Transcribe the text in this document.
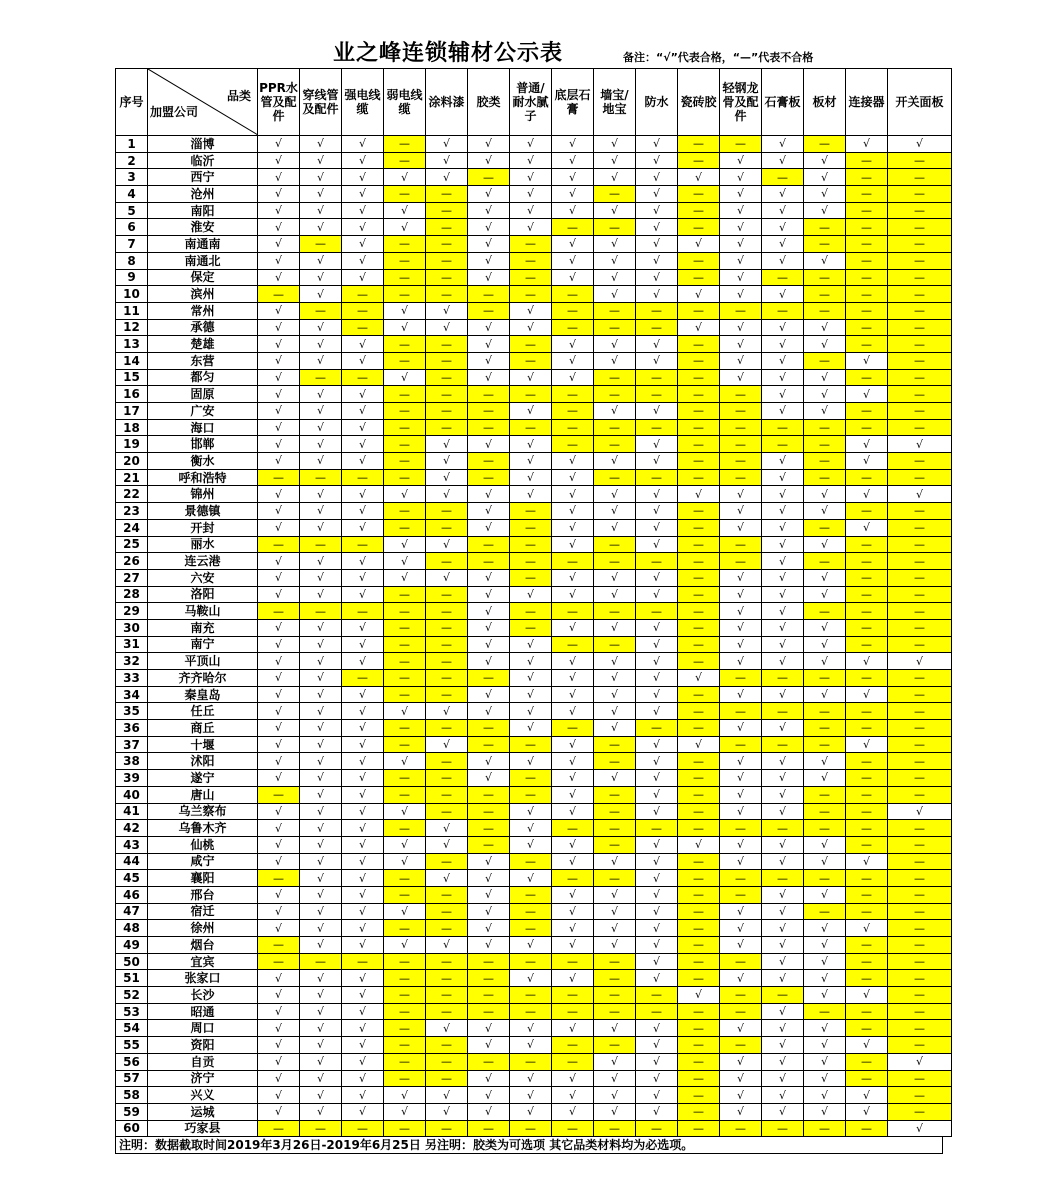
业之峰连锁辅材公示表	备注：“√”代表合格，“—”代表不合格
序号	品类
加盟公司	PPR水管及配件	穿线管及配件	强电线缆	弱电线缆	涂料漆	胶类	普通/耐水腻子	底层石膏	墙宝/地宝	防水	瓷砖胶	轻钢龙骨及配件	石膏板	板材	连接器	开关面板
1	淄博	√	√	√	—	√	√	√	√	√	√	—	—	√	—	√	√
2	临沂	√	√	√	—	√	√	√	√	√	√	—	√	√	√	—	—
3	西宁	√	√	√	√	√	—	√	√	√	√	√	√	—	√	—	—
4	沧州	√	√	√	—	—	√	√	√	—	√	—	√	√	√	—	—
5	南阳	√	√	√	√	—	√	√	√	√	√	—	√	√	√	—	—
6	淮安	√	√	√	√	—	√	√	—	—	√	—	√	√	—	—	—
7	南通南	√	—	√	—	—	√	—	√	√	√	√	√	√	—	—	—
8	南通北	√	√	√	—	—	√	—	√	√	√	—	√	√	√	—	—
9	保定	√	√	√	—	—	√	—	√	√	√	—	√	—	—	—	—
10	滨州	—	√	—	—	—	—	—	—	√	√	√	√	√	—	—	—
11	常州	√	—	—	√	√	—	√	—	—	—	—	—	—	—	—	—
12	承德	√	√	—	√	√	√	√	—	—	—	√	√	√	√	—	—
13	楚雄	√	√	√	—	—	√	—	√	√	√	—	√	√	√	—	—
14	东营	√	√	√	—	—	√	—	√	√	√	—	√	√	—	√	—
15	都匀	√	—	—	√	—	√	√	√	—	—	—	√	√	√	—	—
16	固原	√	√	√	—	—	—	—	—	—	—	—	—	√	√	√	—
17	广安	√	√	√	—	—	—	√	—	√	√	—	—	√	√	—	—
18	海口	√	√	√	—	—	—	—	—	—	—	—	—	—	—	—	—
19	邯郸	√	√	√	—	√	√	√	—	—	√	—	—	—	—	√	√
20	衡水	√	√	√	—	√	—	√	√	√	√	—	—	√	—	√	—
21	呼和浩特	—	—	—	—	√	—	√	√	—	—	—	—	√	—	—	—
22	锦州	√	√	√	√	√	√	√	√	√	√	√	√	√	√	√	√
23	景德镇	√	√	√	—	—	√	—	√	√	√	—	√	√	√	—	—
24	开封	√	√	√	—	—	√	—	√	√	√	—	√	√	—	√	—
25	丽水	—	—	—	√	√	—	—	√	—	√	—	—	√	√	—	—
26	连云港	√	√	√	√	—	—	—	—	—	—	—	—	√	—	—	—
27	六安	√	√	√	√	√	√	—	√	√	√	—	√	√	√	—	—
28	洛阳	√	√	√	—	—	√	√	√	√	√	—	√	√	√	—	—
29	马鞍山	—	—	—	—	—	√	—	—	—	—	—	√	√	—	—	—
30	南充	√	√	√	—	—	√	—	√	√	√	—	√	√	√	—	—
31	南宁	√	√	√	—	—	√	√	—	—	√	—	√	√	√	—	—
32	平顶山	√	√	√	—	—	√	√	√	√	√	—	√	√	√	√	√
33	齐齐哈尔	√	√	—	—	—	—	√	√	√	√	√	—	—	—	—	—
34	秦皇岛	√	√	√	—	—	√	√	√	√	√	—	√	√	√	√	—
35	任丘	√	√	√	√	√	√	√	√	√	√	—	—	—	—	—	—
36	商丘	√	√	√	—	—	—	√	—	√	—	—	√	√	—	—	—
37	十堰	√	√	√	—	√	—	—	√	—	√	√	—	—	—	√	—
38	沭阳	√	√	√	√	—	√	√	√	—	√	—	√	√	√	—	—
39	遂宁	√	√	√	—	—	√	—	√	√	√	—	√	√	√	—	—
40	唐山	—	√	√	—	—	—	—	√	—	√	—	√	√	—	—	—
41	乌兰察布	√	√	√	√	—	—	√	√	—	√	—	√	√	—	—	√
42	乌鲁木齐	√	√	√	—	√	—	√	—	—	—	—	—	—	—	—	—
43	仙桃	√	√	√	√	√	—	√	√	—	√	√	√	√	√	—	—
44	咸宁	√	√	√	√	—	√	—	√	√	√	—	√	√	√	√	—
45	襄阳	—	√	√	—	√	√	√	—	—	√	—	—	—	—	—	—
46	邢台	√	√	√	—	—	√	—	√	√	√	—	—	√	√	—	—
47	宿迁	√	√	√	√	—	√	—	√	√	√	—	√	√	—	—	—
48	徐州	√	√	√	—	—	√	—	√	√	√	—	√	√	√	√	—
49	烟台	—	√	√	√	√	√	√	√	√	√	—	√	√	√	—	—
50	宜宾	—	—	—	—	—	—	—	—	—	√	—	—	√	√	—	—
51	张家口	√	√	√	—	—	—	√	√	—	√	—	√	√	√	—	—
52	长沙	√	√	√	—	—	—	—	—	—	—	√	—	—	√	√	—
53	昭通	√	√	√	—	—	—	—	—	—	—	—	—	√	—	—	—
54	周口	√	√	√	—	√	√	√	√	√	√	—	√	√	√	—	—
55	资阳	√	√	√	—	—	√	√	—	—	√	—	—	√	√	√	—
56	自贡	√	√	√	—	—	—	—	—	√	√	—	√	√	√	—	√
57	济宁	√	√	√	—	—	√	√	√	√	√	—	√	√	√	—	—
58	兴义	√	√	√	√	√	√	√	√	√	√	—	√	√	√	√	—
59	运城	√	√	√	√	√	√	√	√	√	√	—	√	√	√	√	—
60	巧家县	—	—	—	—	—	—	—	—	—	—	—	—	—	—	—	√
注明：数据截取时间2019年3月26日-2019年6月25日 另注明：胶类为可选项 其它品类材料均为必选项。
